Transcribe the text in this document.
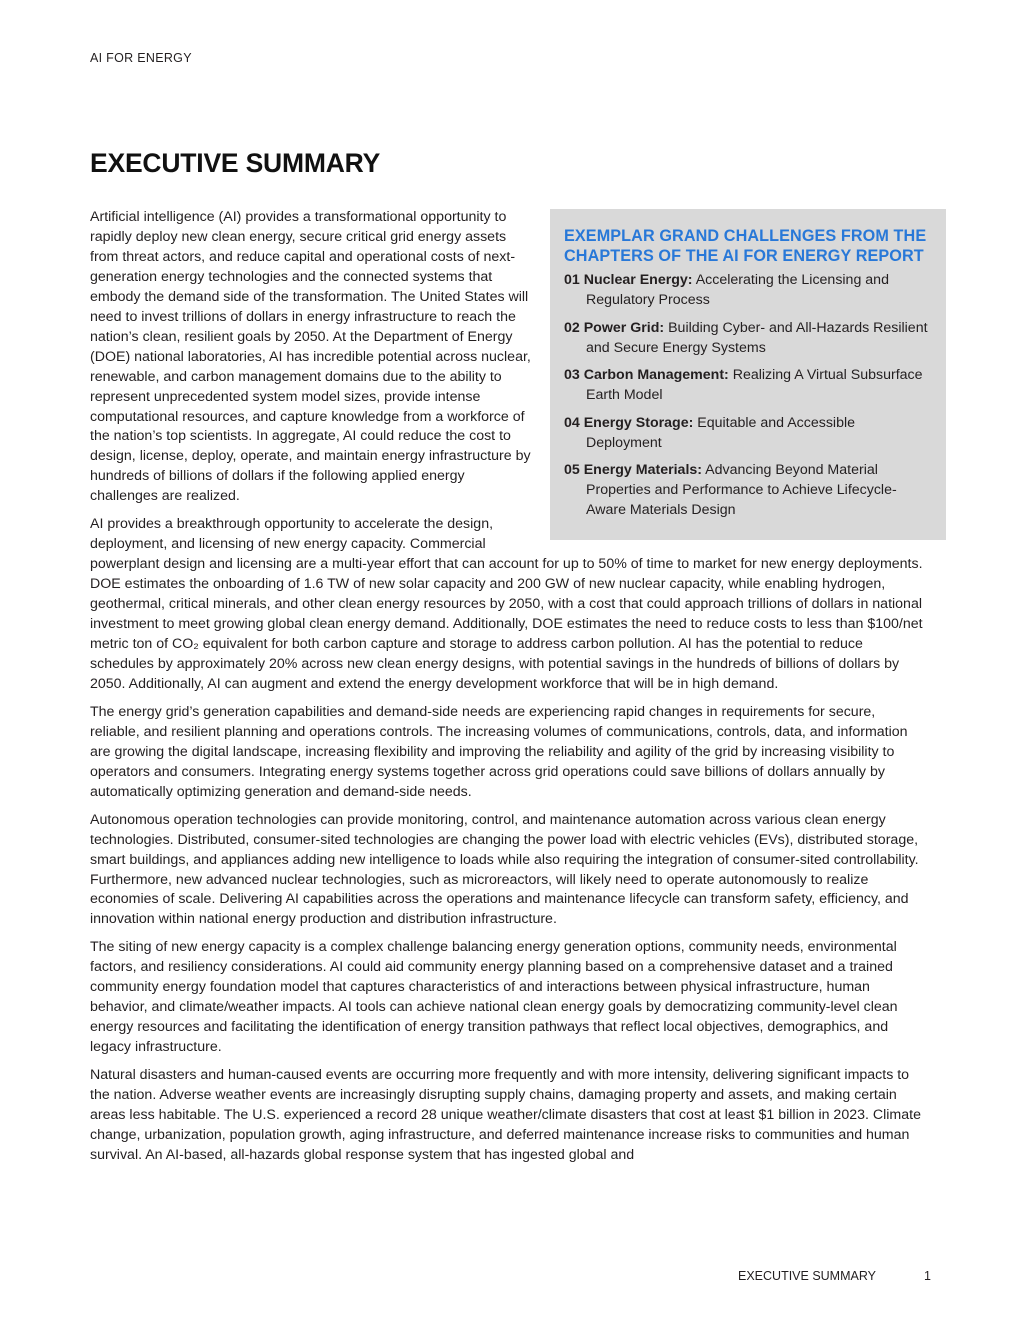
AI FOR ENERGY
EXECUTIVE SUMMARY
EXEMPLAR GRAND CHALLENGES FROM THE CHAPTERS OF THE AI FOR ENERGY REPORT
01 Nuclear Energy: Accelerating the Licensing and Regulatory Process
02 Power Grid: Building Cyber- and All-Hazards Resilient and Secure Energy Systems
03 Carbon Management: Realizing A Virtual Subsurface Earth Model
04 Energy Storage: Equitable and Accessible Deployment
05 Energy Materials: Advancing Beyond Material Properties and Performance to Achieve Lifecycle-Aware Materials Design

Artificial intelligence (AI) provides a transformational opportunity to rapidly deploy new clean energy, secure critical grid energy assets from threat actors, and reduce capital and operational costs of next-generation energy technologies and the connected systems that embody the demand side of the transformation. The United States will need to invest trillions of dollars in energy infrastructure to reach the nation’s clean, resilient goals by 2050. At the Department of Energy (DOE) national laboratories, AI has incredible potential across nuclear, renewable, and carbon management domains due to the ability to represent unprecedented system model sizes, provide intense computational resources, and capture knowledge from a workforce of the nation’s top scientists. In aggregate, AI could reduce the cost to design, license, deploy, operate, and maintain energy infrastructure by hundreds of billions of dollars if the following applied energy challenges are realized.

AI provides a breakthrough opportunity to accelerate the design, deployment, and licensing of new energy capacity. Commercial powerplant design and licensing are a multi-year effort that can account for up to 50% of time to market for new energy deployments. DOE estimates the onboarding of 1.6 TW of new solar capacity and 200 GW of new nuclear capacity, while enabling hydrogen, geothermal, critical minerals, and other clean energy resources by 2050, with a cost that could approach trillions of dollars in national investment to meet growing global clean energy demand. Additionally, DOE estimates the need to reduce costs to less than $100/net metric ton of CO₂ equivalent for both carbon capture and storage to address carbon pollution. AI has the potential to reduce schedules by approximately 20% across new clean energy designs, with potential savings in the hundreds of billions of dollars by 2050. Additionally, AI can augment and extend the energy development workforce that will be in high demand.

The energy grid’s generation capabilities and demand-side needs are experiencing rapid changes in requirements for secure, reliable, and resilient planning and operations controls. The increasing volumes of communications, controls, data, and information are growing the digital landscape, increasing flexibility and improving the reliability and agility of the grid by increasing visibility to operators and consumers. Integrating energy systems together across grid operations could save billions of dollars annually by automatically optimizing generation and demand-side needs.

Autonomous operation technologies can provide monitoring, control, and maintenance automation across various clean energy technologies. Distributed, consumer-sited technologies are changing the power load with electric vehicles (EVs), distributed storage, smart buildings, and appliances adding new intelligence to loads while also requiring the integration of consumer-sited controllability. Furthermore, new advanced nuclear technologies, such as microreactors, will likely need to operate autonomously to realize economies of scale. Delivering AI capabilities across the operations and maintenance lifecycle can transform safety, efficiency, and innovation within national energy production and distribution infrastructure.

The siting of new energy capacity is a complex challenge balancing energy generation options, community needs, environmental factors, and resiliency considerations. AI could aid community energy planning based on a comprehensive dataset and a trained community energy foundation model that captures characteristics of and interactions between physical infrastructure, human behavior, and climate/weather impacts. AI tools can achieve national clean energy goals by democratizing community-level clean energy resources and facilitating the identification of energy transition pathways that reflect local objectives, demographics, and legacy infrastructure.

Natural disasters and human-caused events are occurring more frequently and with more intensity, delivering significant impacts to the nation. Adverse weather events are increasingly disrupting supply chains, damaging property and assets, and making certain areas less habitable. The U.S. experienced a record 28 unique weather/climate disasters that cost at least $1 billion in 2023. Climate change, urbanization, population growth, aging infrastructure, and deferred maintenance increase risks to communities and human survival. An AI-based, all-hazards global response system that has ingested global and

EXECUTIVE SUMMARY	1
